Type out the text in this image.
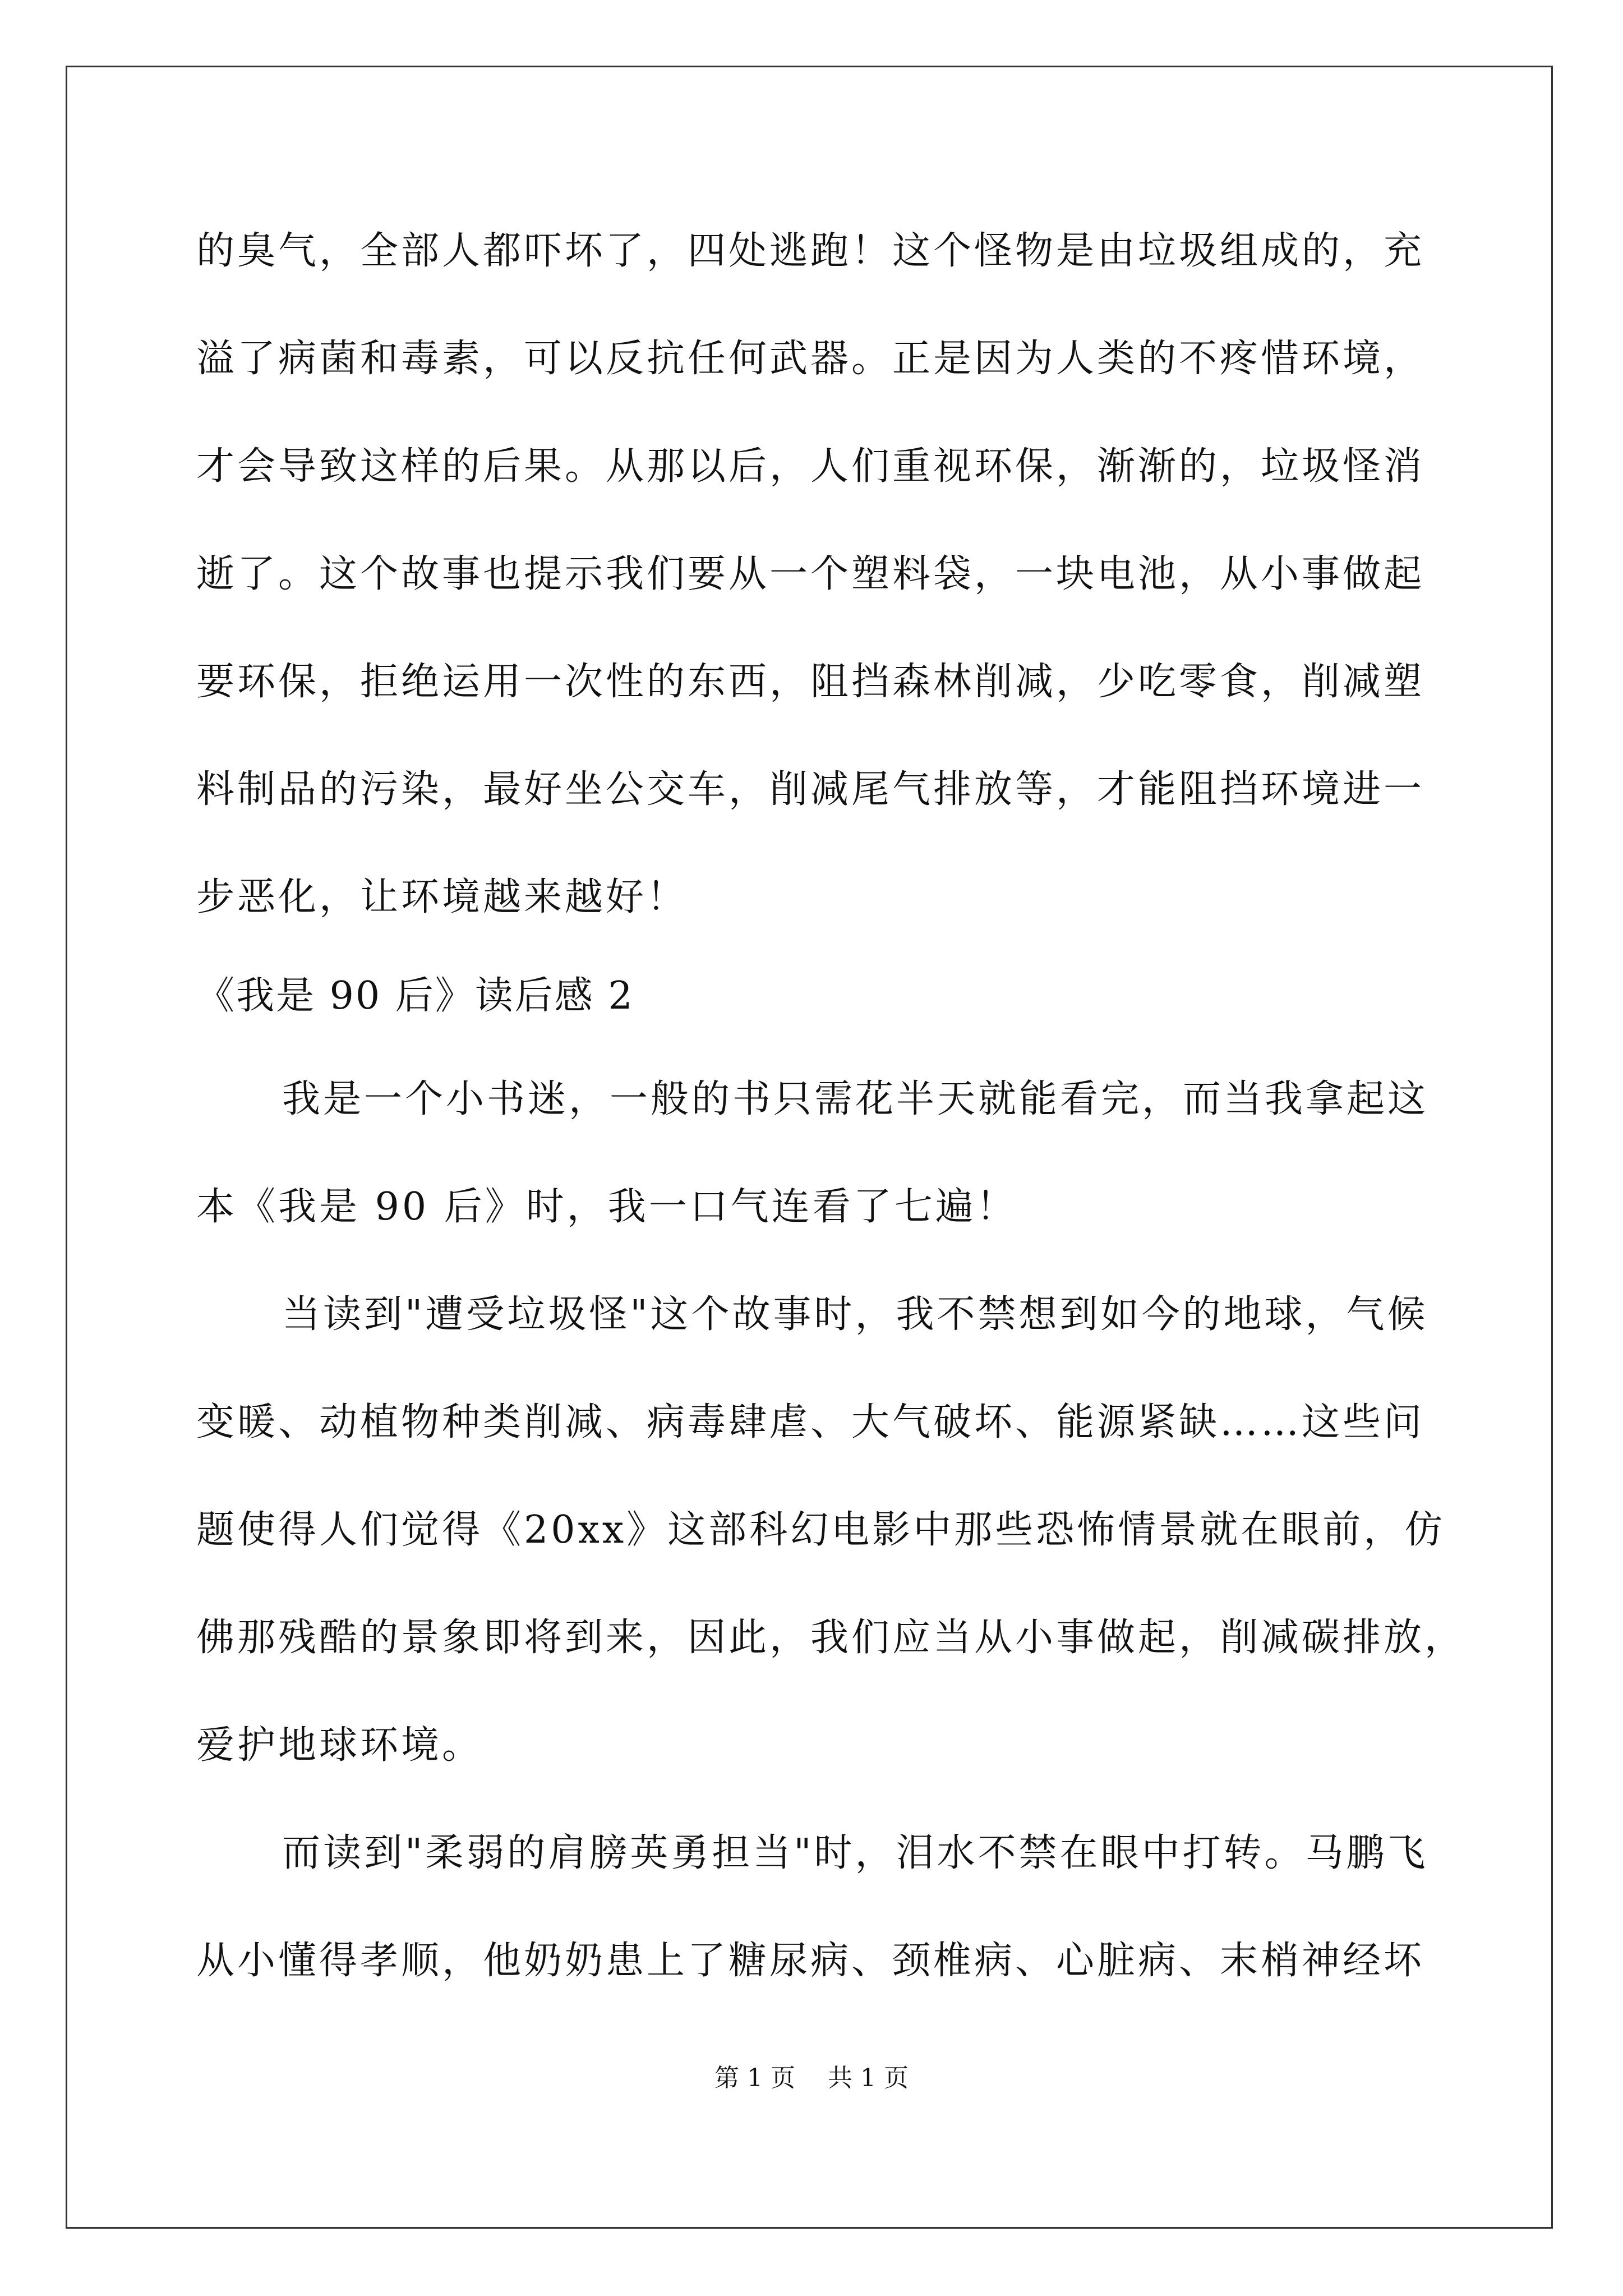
的臭气，全部人都吓坏了，四处逃跑！这个怪物是由垃圾组成的，充
溢了病菌和毒素，可以反抗任何武器。正是因为人类的不疼惜环境，
才会导致这样的后果。从那以后，人们重视环保，渐渐的，垃圾怪消
逝了。这个故事也提示我们要从一个塑料袋，一块电池，从小事做起
要环保，拒绝运用一次性的东西，阻挡森林削减，少吃零食，削减塑
料制品的污染，最好坐公交车，削减尾气排放等，才能阻挡环境进一
步恶化，让环境越来越好！
《我是 90 后》读后感 2
我是一个小书迷，一般的书只需花半天就能看完，而当我拿起这
本《我是 90 后》时，我一口气连看了七遍！
当读到"遭受垃圾怪"这个故事时，我不禁想到如今的地球，气候
变暖、动植物种类削减、病毒肆虐、大气破坏、能源紧缺……这些问
题使得人们觉得《20xx》这部科幻电影中那些恐怖情景就在眼前，仿
佛那残酷的景象即将到来，因此，我们应当从小事做起，削减碳排放，
爱护地球环境。
而读到"柔弱的肩膀英勇担当"时，泪水不禁在眼中打转。马鹏飞
从小懂得孝顺，他奶奶患上了糖尿病、颈椎病、心脏病、末梢神经坏
第 1 页 共 1 页
